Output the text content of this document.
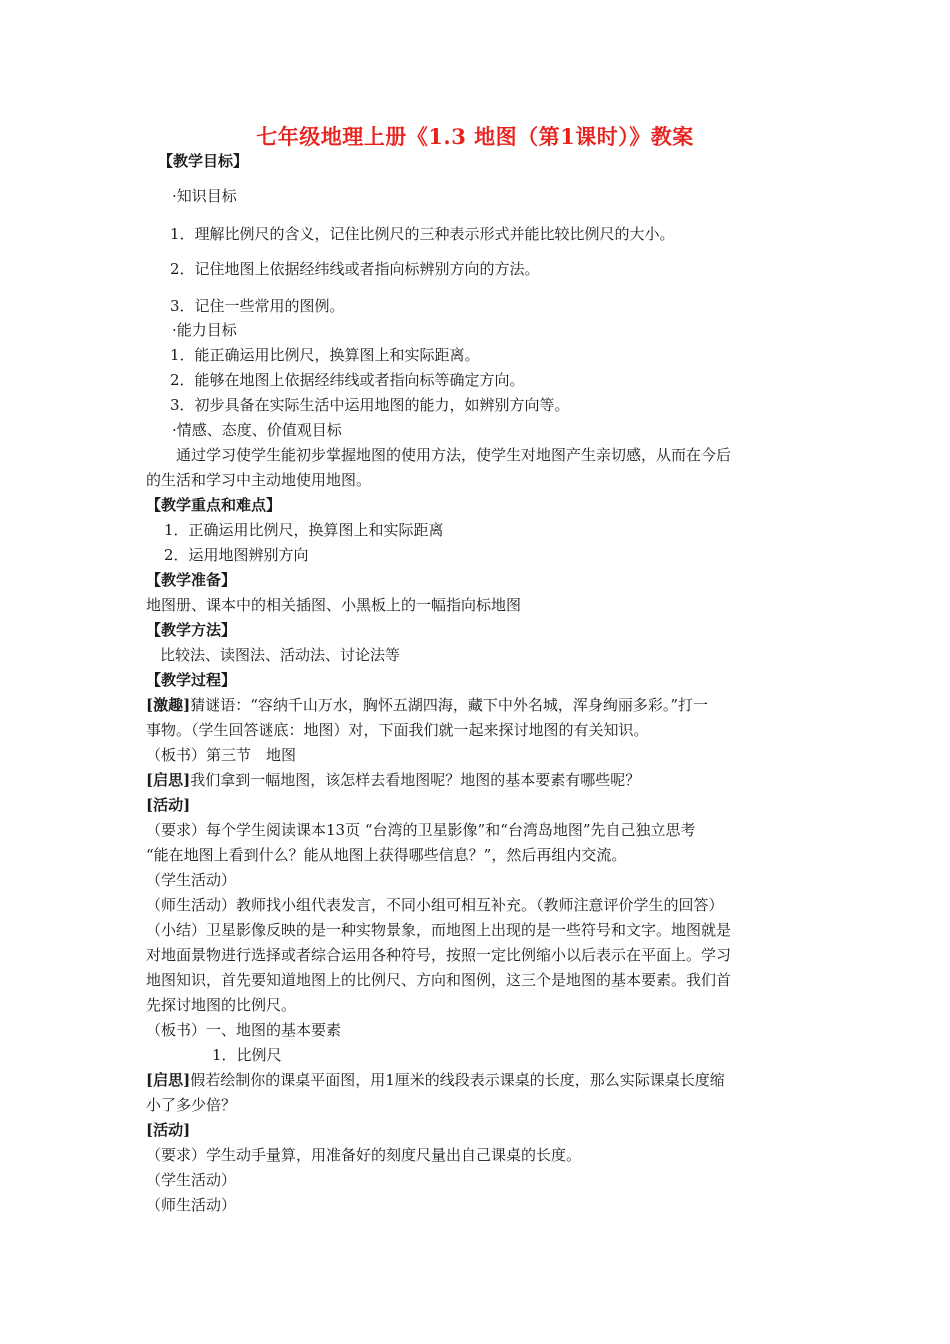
七年级地理上册《1.3 地图（第1课时）》教案
【教学目标】
·知识目标
1．理解比例尺的含义，记住比例尺的三种表示形式并能比较比例尺的大小。
2．记住地图上依据经纬线或者指向标辨别方向的方法。
3．记住一些常用的图例。
·能力目标
1．能正确运用比例尺，换算图上和实际距离。
2．能够在地图上依据经纬线或者指向标等确定方向。
3．初步具备在实际生活中运用地图的能力，如辨别方向等。
·情感、态度、价值观目标
通过学习使学生能初步掌握地图的使用方法，使学生对地图产生亲切感，从而在今后
的生活和学习中主动地使用地图。
【教学重点和难点】
1．正确运用比例尺，换算图上和实际距离
2．运用地图辨别方向
【教学准备】
地图册、课本中的相关插图、小黑板上的一幅指向标地图
【教学方法】
比较法、读图法、活动法、讨论法等
【教学过程】
[激趣]猜谜语：“容纳千山万水，胸怀五湖四海，藏下中外名城，浑身绚丽多彩。”打一
事物。（学生回答谜底：地图）对，下面我们就一起来探讨地图的有关知识。
（板书）第三节　地图
[启思]我们拿到一幅地图，该怎样去看地图呢？地图的基本要素有哪些呢？
[活动]
（要求）每个学生阅读课本13页 “台湾的卫星影像”和“台湾岛地图”先自己独立思考
“能在地图上看到什么？能从地图上获得哪些信息？”，然后再组内交流。
（学生活动）
（师生活动）教师找小组代表发言，不同小组可相互补充。（教师注意评价学生的回答）
（小结）卫星影像反映的是一种实物景象，而地图上出现的是一些符号和文字。地图就是
对地面景物进行选择或者综合运用各种符号，按照一定比例缩小以后表示在平面上。学习
地图知识，首先要知道地图上的比例尺、方向和图例，这三个是地图的基本要素。我们首
先探讨地图的比例尺。
（板书）一、地图的基本要素
1．比例尺
[启思]假若绘制你的课桌平面图，用1厘米的线段表示课桌的长度，那么实际课桌长度缩
小了多少倍？
[活动]
（要求）学生动手量算，用准备好的刻度尺量出自己课桌的长度。
（学生活动）
（师生活动）
